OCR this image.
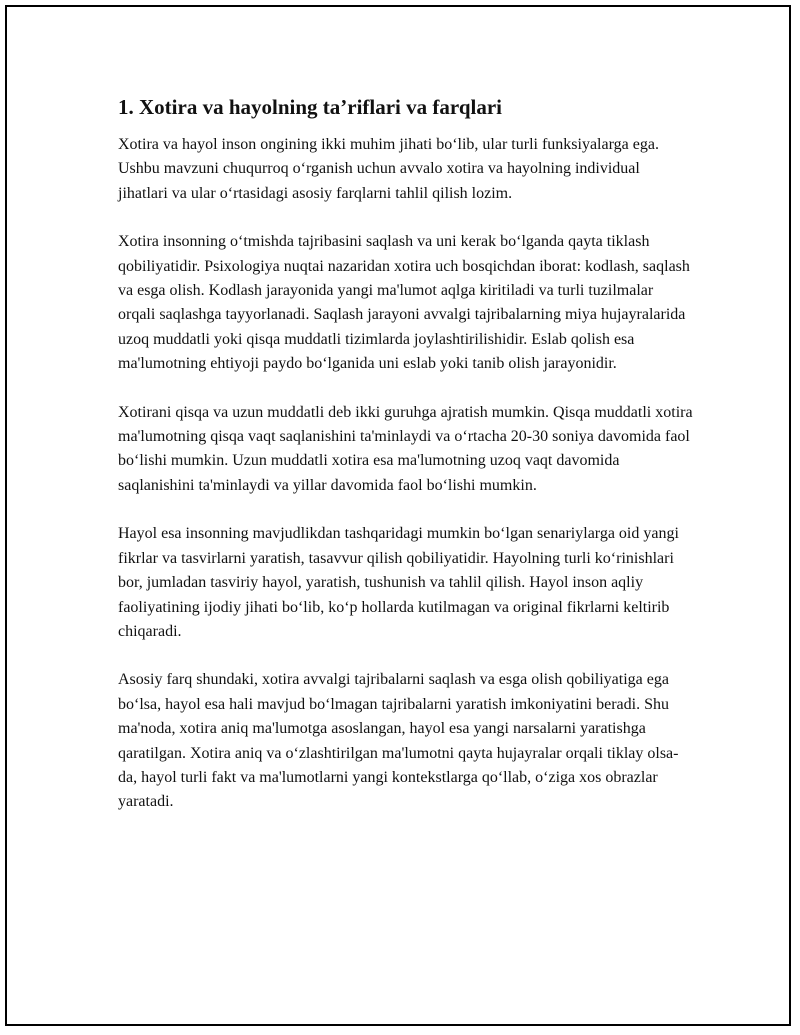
1. Xotira va hayolning ta’riflari va farqlari

Xotira va hayol inson ongining ikki muhim jihati bo‘lib, ular turli funksiyalarga ega. Ushbu mavzuni chuqurroq o‘rganish uchun avvalo xotira va hayolning individual jihatlari va ular o‘rtasidagi asosiy farqlarni tahlil qilish lozim.

Xotira insonning o‘tmishda tajribasini saqlash va uni kerak bo‘lganda qayta tiklash qobiliyatidir. Psixologiya nuqtai nazaridan xotira uch bosqichdan iborat: kodlash, saqlash va esga olish. Kodlash jarayonida yangi ma'lumot aqlga kiritiladi va turli tuzilmalar orqali saqlashga tayyorlanadi. Saqlash jarayoni avvalgi tajribalarning miya hujayralarida uzoq muddatli yoki qisqa muddatli tizimlarda joylashtirilishidir. Eslab qolish esa ma'lumotning ehtiyoji paydo bo‘lganida uni eslab yoki tanib olish jarayonidir.

Xotirani qisqa va uzun muddatli deb ikki guruhga ajratish mumkin. Qisqa muddatli xotira ma'lumotning qisqa vaqt saqlanishini ta'minlaydi va o‘rtacha 20-30 soniya davomida faol bo‘lishi mumkin. Uzun muddatli xotira esa ma'lumotning uzoq vaqt davomida saqlanishini ta'minlaydi va yillar davomida faol bo‘lishi mumkin.

Hayol esa insonning mavjudlikdan tashqaridagi mumkin bo‘lgan senariylarga oid yangi fikrlar va tasvirlarni yaratish, tasavvur qilish qobiliyatidir. Hayolning turli ko‘rinishlari bor, jumladan tasviriy hayol, yaratish, tushunish va tahlil qilish. Hayol inson aqliy faoliyatining ijodiy jihati bo‘lib, ko‘p hollarda kutilmagan va original fikrlarni keltirib chiqaradi.

Asosiy farq shundaki, xotira avvalgi tajribalarni saqlash va esga olish qobiliyatiga ega bo‘lsa, hayol esa hali mavjud bo‘lmagan tajribalarni yaratish imkoniyatini beradi. Shu ma'noda, xotira aniq ma'lumotga asoslangan, hayol esa yangi narsalarni yaratishga qaratilgan. Xotira aniq va o‘zlashtirilgan ma'lumotni qayta hujayralar orqali tiklay olsa-da, hayol turli fakt va ma'lumotlarni yangi kontekstlarga qo‘llab, o‘ziga xos obrazlar yaratadi.
